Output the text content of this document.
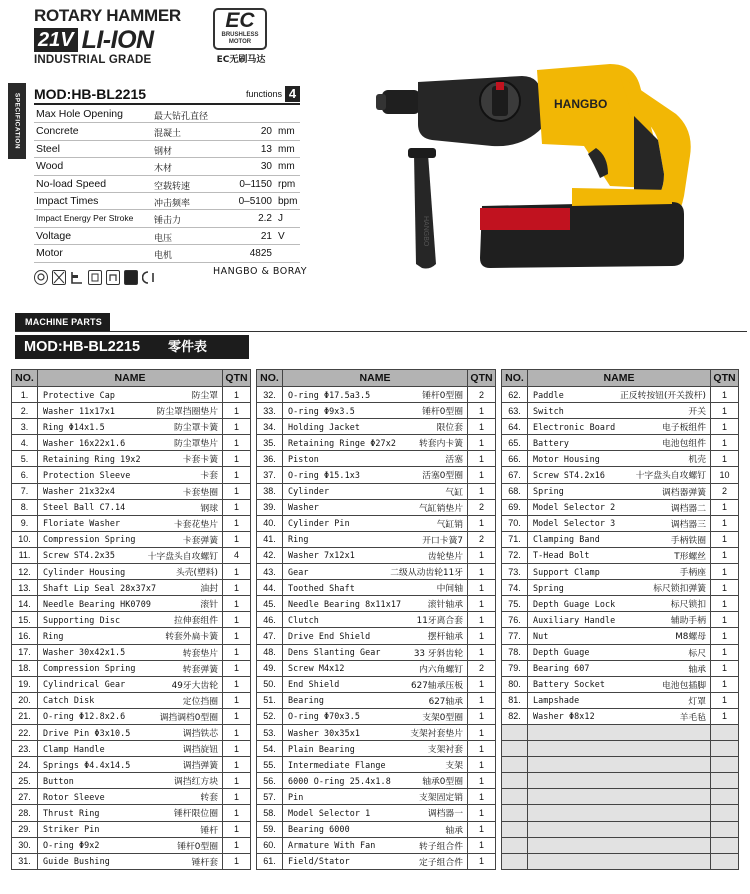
ROTARY HAMMER
21V LI-ION
INDUSTRIAL GRADE
EC
BRUSHLESS
MOTOR
EC无刷马达
SPECIFICATION MOD:HB-BL2215	functions 4
Max Hole Opening	最大钻孔直径
Concrete	混凝土	20 mm
Steel	钢材	13 mm
Wood	木材	30 mm
No-load Speed	空载转速	0–1150 rpm
Impact Times	冲击频率	0–5100 bpm
Impact Energy Per Stroke 锤击力	2.2 J
Voltage	电压	21 V
Motor	电机	4825
HANGBO & BORAY
HANGBO
HANGBO
MACHINE PARTS
MOD:HB-BL2215 零件表
NO.	NAME	QTN
1.	Protective Cap 防尘罩	1
2.	Washer 11x17x1 防尘罩挡圈垫片	1
3.	Ring Φ14x1.5 防尘罩卡簧	1
4.	Washer 16x22x1.6 防尘罩垫片	1
5.	Retaining Ring 19x2 卡套卡簧	1
6.	Protection Sleeve 卡套	1
7.	Washer 21x32x4 卡套垫圈	1
8.	Steel Ball C7.14 钢球	1
9.	Floriate Washer 卡套花垫片	1
10.	Compression Spring 卡套弹簧	1
11.	Screw ST4.2x35 十字盘头自攻螺钉	4
12.	Cylinder Housing 头壳(塑料)	1
13.	Shaft Lip Seal 28x37x7 油封	1
14.	Needle Bearing HK0709 滚针	1
15.	Supporting Disc 拉伸套组件	1
16.	Ring 转套外扁卡簧	1
17.	Washer 30x42x1.5 转套垫片	1
18.	Compression Spring 转套弹簧	1
19.	Cylindrical Gear 49牙大齿轮	1
20.	Catch Disk 定位挡圈	1
21.	O-ring Φ12.8x2.6 调挡调档0型圈	1
22.	Drive Pin Φ3x10.5 调挡铁芯	1
23.	Clamp Handle 调挡旋钮	1
24.	Springs Φ4.4x14.5 调挡弹簧	1
25.	Button 调挡红方块	1
27.	Rotor Sleeve 转套	1
28.	Thrust Ring 锤杆限位圈	1
29.	Striker Pin 锤杆	1
30.	O-ring Φ9x2 锤杆0型圈	1
31.	Guide Bushing 锤杆套	1
NO.	NAME	QTN
32.	O-ring Φ17.5a3.5 锤杆0型圈	2
33.	O-ring Φ9x3.5 锤杆0型圈	1
34.	Holding Jacket 限位套	1
35.	Retaining Ringe Φ27x2 转套内卡簧	1
36.	Piston 活塞	1
37.	O-ring Φ15.1x3 活塞0型圈	1
38.	Cylinder 气缸	1
39.	Washer 气缸销垫片	2
40.	Cylinder Pin 气缸销	1
41.	Ring 开口卡簧7	2
42.	Washer 7x12x1 齿轮垫片	1
43.	Gear 二级从动齿轮11牙	1
44.	Toothed Shaft 中间轴	1
45.	Needle Bearing 8x11x17 滚针轴承	1
46.	Clutch 11牙离合套	1
47.	Drive End Shield 摆杆轴承	1
48.	Dens Slanting Gear 33 牙斜齿轮	1
49.	Screw M4x12 内六角螺钉	2
50.	End Shield 627轴承压板	1
51.	Bearing 627轴承	1
52.	O-ring Φ70x3.5 支架0型圈	1
53.	Washer 30x35x1 支架衬套垫片	1
54.	Plain Bearing 支架衬套	1
55.	Intermediate Flange 支架	1
56.	6000 O-ring 25.4x1.8 轴承0型圈	1
57.	Pin 支架固定销	1
58.	Model Selector 1 调档器一	1
59.	Bearing 6000 轴承	1
60.	Armature With Fan 转子组合件	1
61.	Field/Stator 定子组合件	1
NO.	NAME	QTN
62.	Paddle 正反转按钮(开关拨杆)	1
63.	Switch 开关	1
64.	Electronic Board 电子板组件	1
65.	Battery 电池包组件	1
66.	Motor Housing 机壳	1
67.	Screw ST4.2x16 十字盘头自攻螺钉	10
68.	Spring 调档器弹簧	2
69.	Model Selector 2 调档器二	1
70.	Model Selector 3 调档器三	1
71.	Clamping Band 手柄铁圈	1
72.	T-Head Bolt T形螺丝	1
73.	Support Clamp 手柄座	1
74.	Spring 标尺锁扣弹簧	1
75.	Depth Guage Lock 标尺锁扣	1
76.	Auxiliary Handle 辅助手柄	1
77.	Nut M8螺母	1
78.	Depth Guage 标尺	1
79.	Bearing 607 轴承	1
80.	Battery Socket 电池包插脚	1
81.	Lampshade 灯罩	1
82.	Washer Φ8x12 羊毛毡	1
